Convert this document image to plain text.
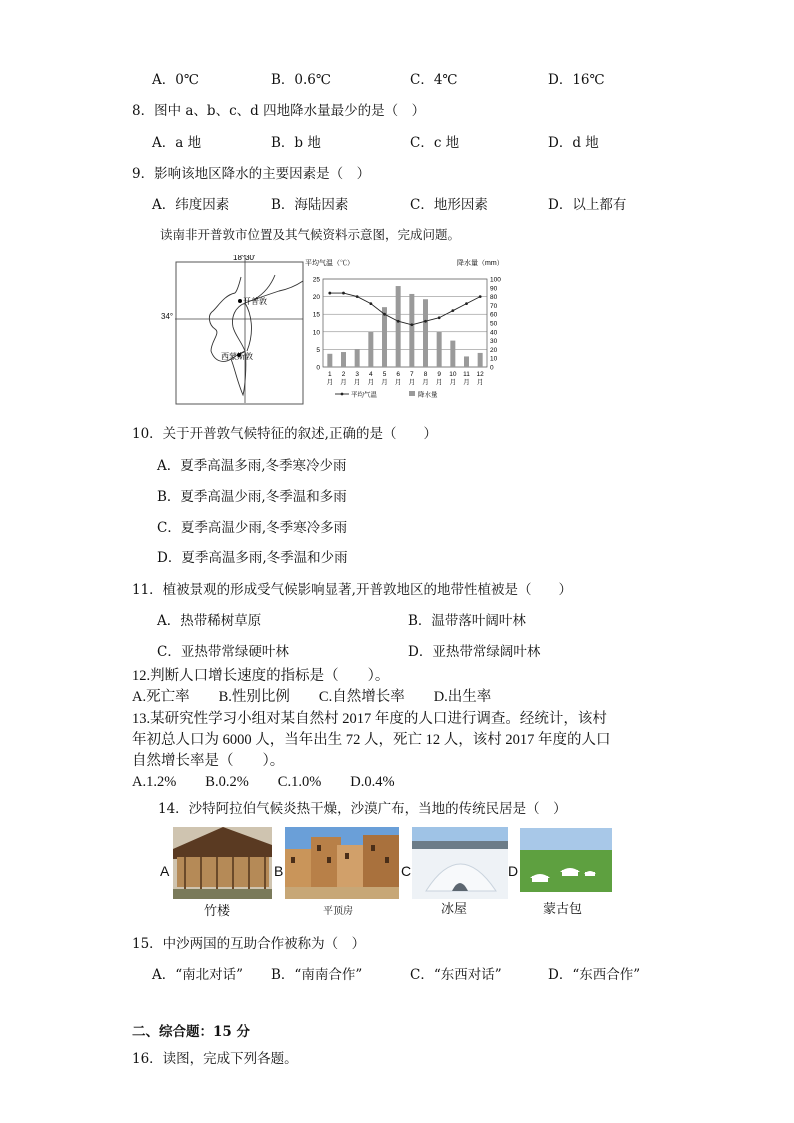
A．0℃	B．0.6℃	C．4℃	D．16℃
8．图中 a、b、c、d 四地降水量最少的是（　）
A．a 地	B．b 地	C．c 地	D．d 地
9．影响该地区降水的主要因素是（　）
A．纬度因素	B．海陆因素	C．地形因素	D．以上都有
读南非开普敦市位置及其气候资料示意图，完成问题。
18°30′
开普敦
西蒙斯敦
34°
平均气温（℃）	降水量（mm）
25
20
15
10
5
0
100
90
80
70
60
50
40
30
20
10
0
1
月
2
月
3
月
4
月
5
月
6
月
7
月
8
月
9
月
10
月
11
月
12
月
平均气温	降水量
10．关于开普敦气候特征的叙述,正确的是（　　）
A．夏季高温多雨,冬季寒冷少雨
B．夏季高温少雨,冬季温和多雨
C．夏季高温少雨,冬季寒冷多雨
D．夏季高温多雨,冬季温和少雨
11．植被景观的形成受气候影响显著,开普敦地区的地带性植被是（　　）
A．热带稀树草原	B．温带落叶阔叶林
C．亚热带常绿硬叶林	D．亚热带常绿阔叶林
12.判断人口增长速度的指标是（　　）。
A.死亡率　　B.性别比例　　C.自然增长率　　D.出生率
13.某研究性学习小组对某自然村 2017 年度的人口进行调查。经统计，该村
年初总人口为 6000 人，当年出生 72 人，死亡 12 人，该村 2017 年度的人口
自然增长率是（　　）。
A.1.2%　　B.0.2%　　C.1.0%　　D.0.4%
14．沙特阿拉伯气候炎热干燥，沙漠广布，当地的传统民居是（　）
A
竹楼
B
平顶房
C
冰屋
D
蒙古包
15．中沙两国的互助合作被称为（　）
A．“南北对话” B．“南南合作”	C．“东西对话”	D．“东西合作”
二、综合题：15 分
16．读图，完成下列各题。
